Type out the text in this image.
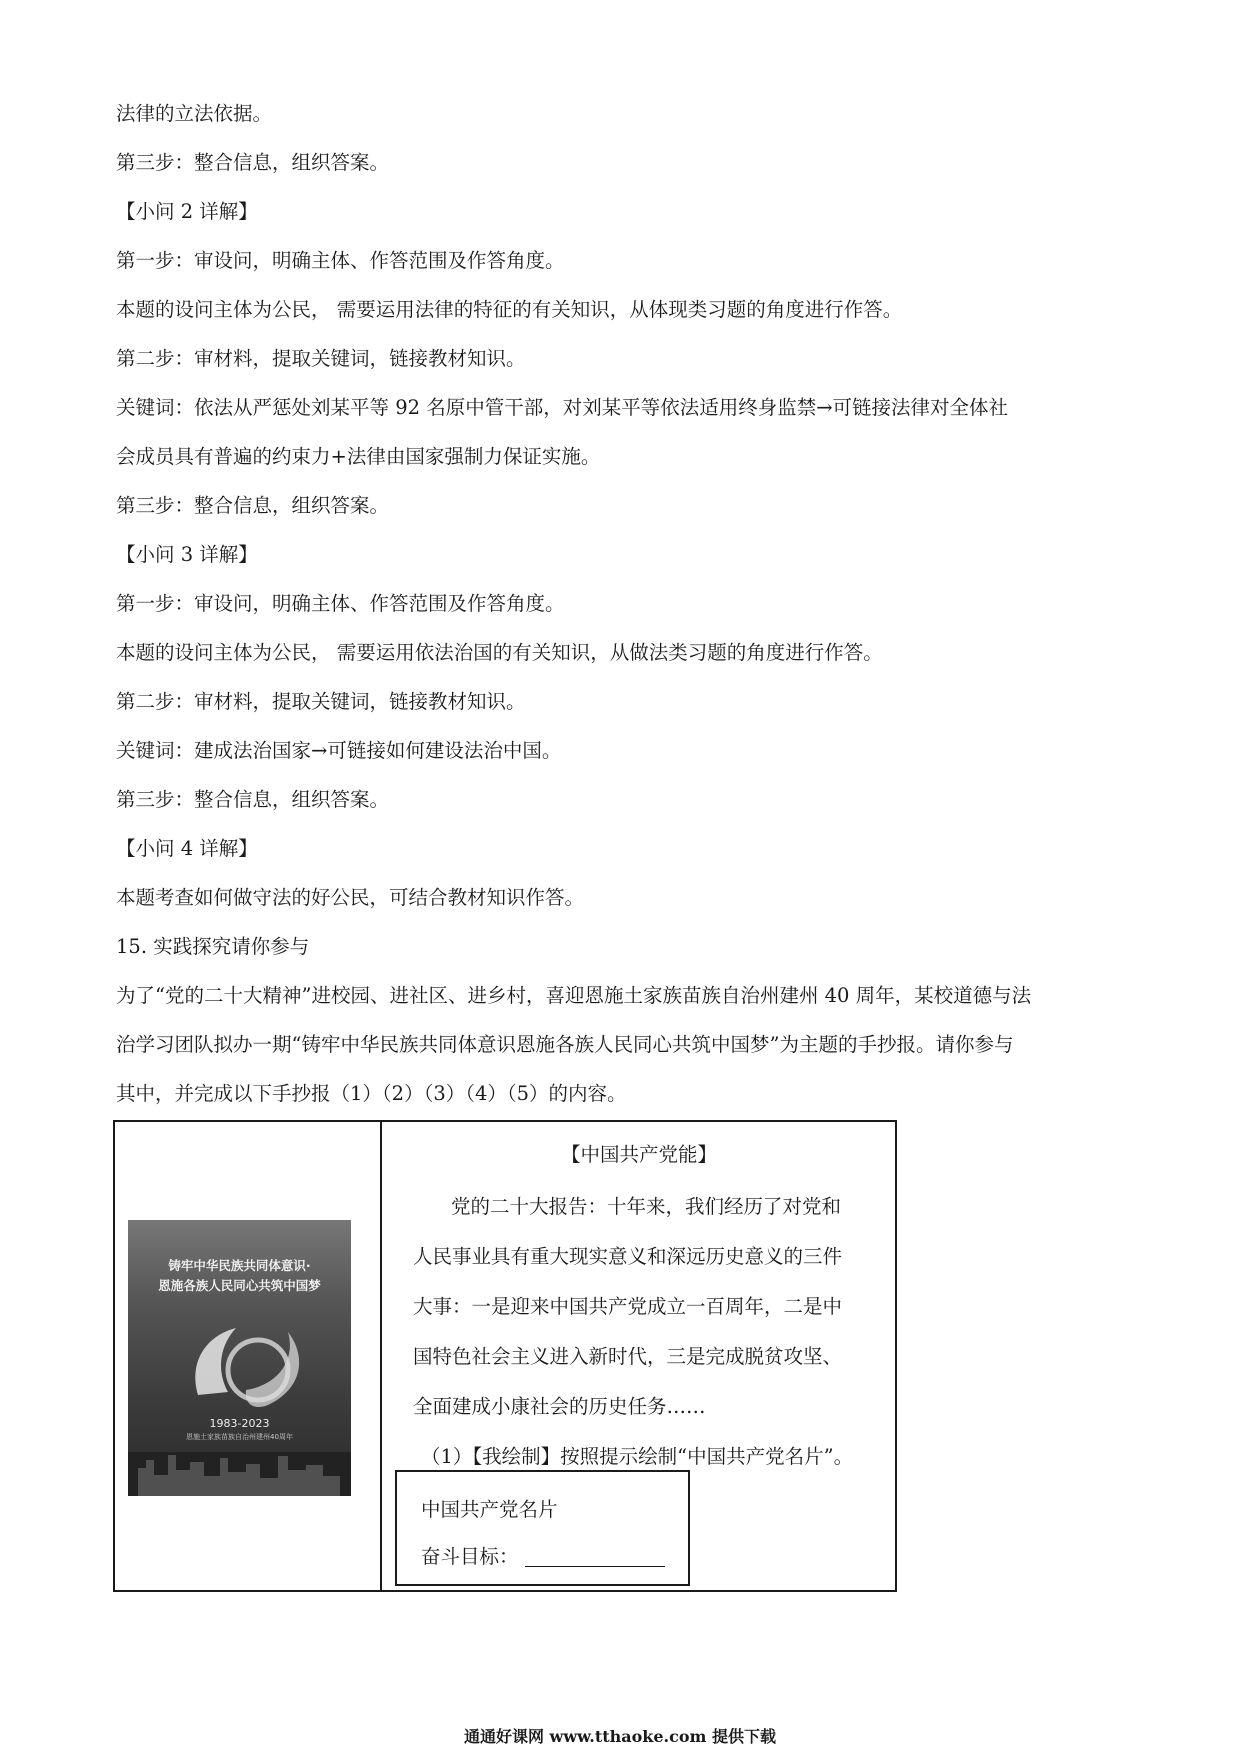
法律的立法依据。
第三步：整合信息，组织答案。
【小问 2 详解】
第一步：审设问，明确主体、作答范围及作答角度。
本题的设问主体为公民， 需要运用法律的特征的有关知识，从体现类习题的角度进行作答。
第二步：审材料，提取关键词，链接教材知识。
关键词：依法从严惩处刘某平等 92 名原中管干部，对刘某平等依法适用终身监禁→可链接法律对全体社
会成员具有普遍的约束力+法律由国家强制力保证实施。
第三步：整合信息，组织答案。
【小问 3 详解】
第一步：审设问，明确主体、作答范围及作答角度。
本题的设问主体为公民， 需要运用依法治国的有关知识，从做法类习题的角度进行作答。
第二步：审材料，提取关键词，链接教材知识。
关键词：建成法治国家→可链接如何建设法治中国。
第三步：整合信息，组织答案。
【小问 4 详解】
本题考查如何做守法的好公民，可结合教材知识作答。
15. 实践探究请你参与
为了“党的二十大精神”进校园、进社区、进乡村，喜迎恩施土家族苗族自治州建州 40 周年，某校道德与法
治学习团队拟办一期“铸牢中华民族共同体意识恩施各族人民同心共筑中国梦”为主题的手抄报。请你参与
其中，并完成以下手抄报（1）（2）（3）（4）（5）的内容。
铸牢中华民族共同体意识·
恩施各族人民同心共筑中国梦
1983-2023
恩施土家族苗族自治州建州40周年
【中国共产党能】
党的二十大报告：十年来，我们经历了对党和
人民事业具有重大现实意义和深远历史意义的三件
大事：一是迎来中国共产党成立一百周年，二是中
国特色社会主义进入新时代，三是完成脱贫攻坚、
全面建成小康社会的历史任务……
（1）【我绘制】按照提示绘制“中国共产党名片”。
中国共产党名片
奋斗目标：
通通好课网 www.tthaoke.com 提供下载
